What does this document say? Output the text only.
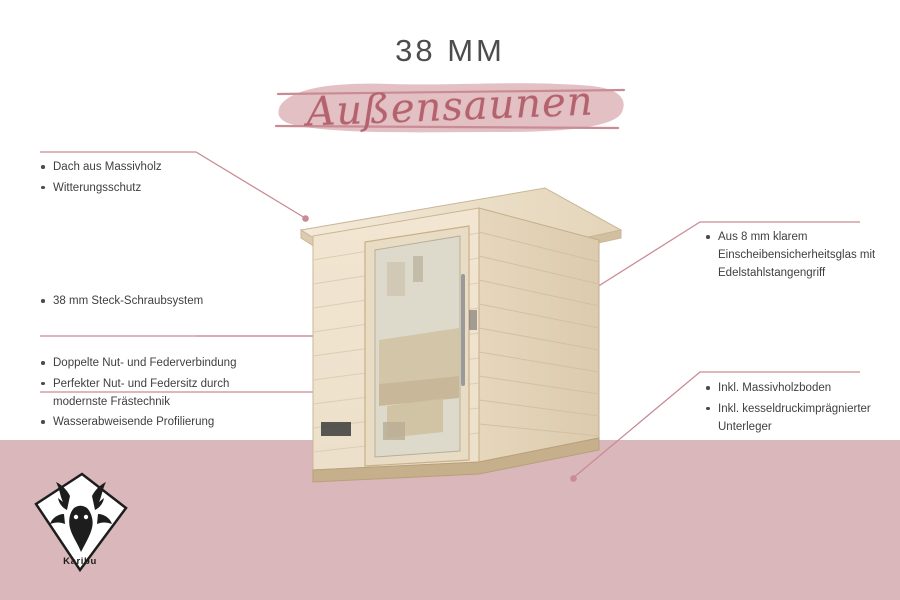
38 MM
Außensaunen
Dach aus Massivholz
Witterungsschutz
38 mm Steck-Schraubsystem
Doppelte Nut- und Federverbindung
Perfekter Nut- und Federsitz durch modernste Frästechnik
Wasserabweisende Profilierung
Aus 8 mm klarem Einscheibensicherheitsglas mit Edelstahlstangengriff
Inkl. Massivholzboden
Inkl. kesseldruckimprägnierter Unterleger
Karibu
